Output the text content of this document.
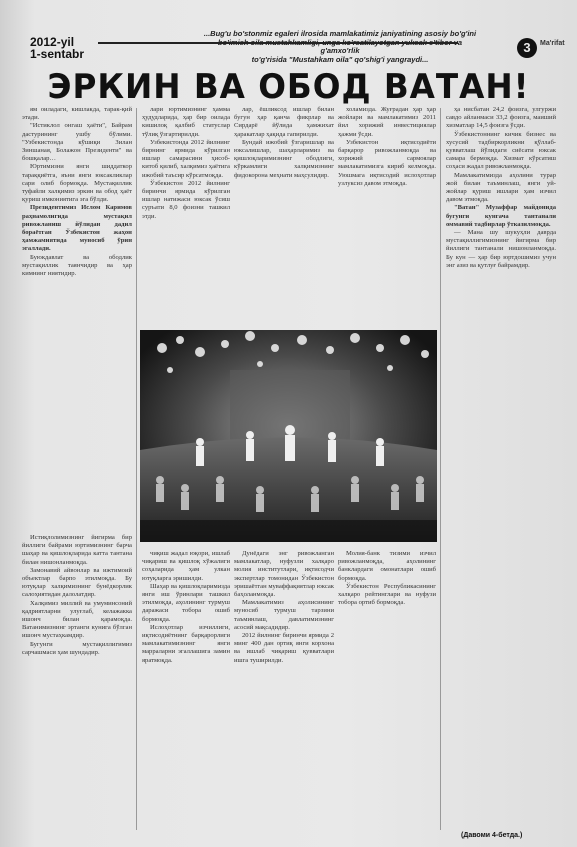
2012-yil
1-sentabr
...Bug'u bo'stonmiz egaleri ilrosida mamlakatimiz janiyatining asosiy bo'g'ini
bo'imish oila mustahkamligi, unga ko'rsatilayotgan yuksak e'tibor va g'amxo'rlik
to'g'risida "Mustahkam oila" qo'shig'i yangraydi...
3	Ma'rifat
ЭРКИН ВА ОБОД ВАТАН!

ям оиладаги, кишлакда, тарак-қий этади.

"Истиклол онгаш ҳаёти", Байрам дастурининг ушбу бўлими. "Узбекистонда кўшиқи Зилан Зиншаная, Болажон Президенти" ва бошқалар…

Юртимизни янги шиддаткор тараққиётга, яъни янги юксакликлар сари олиб бормоқда. Мустақиллик туфайли халқимиз эркин ва обод ҳаёт қуриш имкониятига эга бўлди.

Президентимиз Ислом Каримов раҳнамолигида мустақил ривожланиш йўлидан дадил бораётган Ўзбекистон жаҳон ҳамжамиятида муносиб ўрин эгаллади.

Буюкдавлат ва ободлик мустақиллик таянчидир ва ҳар кимнинг ниятидир.

Истиқлолимизнинг йигирма бир йиллиги байрами юртимизнинг барча шаҳар ва қишлоқларида катта тантана билан нишонланмоқда.

Замонавий айвонлар ва ижтимоий объектлар барпо этилмоқда. Бу ютуқлар халқимизнинг бунёдкорлик салоҳиятидан далолатдир.

Халқимиз миллий ва умуминсоний қадриятларни улуғлаб, келажакка ишонч билан қарамоқда. Ватанимизнинг эртанги кунига бўлган ишонч мустаҳкамдир.

Бугунги мустақиллигимиз сарчашмаси ҳам шундадир.

лари юртимизнинг ҳамма ҳудудларида, ҳар бир оилада кишилоқ қалбиб статуслар тўлиқ ўзгартирилди.

Узбекистонда 2012 йилнинг бирнинг ярмида кўрилган ишлар самарасини ҳисоб-китоб қилиб, халқимиз ҳаётига ижобий таъсир кўрсатмоқда.

Ўзбекистон 2012 йилнинг биринчи ярмида кўрилган ишлар натижаси юксак ўсиш суръати 8,0 фоизни ташкил этди.

лар, ёшликсод ишлар билан бугун ҳар қанча фикрлар ва Сирдарё йўлида ҳамжихат ҳаракатлар ҳақида гапирилди.

Бундай ижобий ўзгаришлар ва юксалишлар, шаҳарларимиз ва қишлоқларимизнинг ободлиги, кўркамлиги халқимизнинг фидокорона меҳнати маҳсулидир.

холамизда. Жуғрадан ҳар ҳар жойлари ва мамлакатимиз 2011 йил хорижий инвестициялар ҳажми ўсди.

Узбекистон иқтисодиёти барқарор ривожланмоқда ва хорижий сармоялар мамлакатимизга кириб келмоқда. Уюшмага иқтисодий ислоҳотлар узлуксиз давом этмоқда.

ҳа нисбатан 24,2 фоизга, улгуржи савдо айланмаси 33,2 фоизга, маиший хизматлар 14,5 фоизга ўсди.

Ўзбекистоннинг кичик бизнес ва хусусий тадбиркорликни қўллаб-қувватлаш йўлидаги сиёсати юксак самара бермоқда. Хизмат кўрсатиш соҳаси жадал ривожланмоқда.

Мамлакатимизда аҳолини турар жой билан таъминлаш, янги уй-жойлар қуриш ишлари ҳам изчил давом этмоқда.

"Ватан" Музаффар майдонида бугунги кунгача тантанали оммавий тадбирлар ўтказилмоқда.

— Мана шу шукуҳли даврда мустақиллигимизнинг йигирма бир йиллиги тантанали нишонланмоқда. Бу кун — ҳар бир юртдошимиз учун энг азиз ва қутлуғ байрамдир.

чиқиш жадал юқори, ишлаб чиқариш ва қишлоқ хўжалиги соҳаларида ҳам улкан ютуқларга эришилди.

Шаҳар ва қишлоқларимизда янги иш ўринлари ташкил этилмоқда, аҳолининг турмуш даражаси тобора ошиб бормоқда.

Ислоҳотлар изчиллиги, иқтисодиётнинг барқарорлиги мамлакатимизнинг янги марраларни эгаллашига замин яратмоқда.

Дунёдаги энг ривожланган мамлакатлар, нуфузли халқаро молия институтлари, иқтисодчи экспертлар томонидан Ўзбекистон эришаётган муваффақиятлар юксак баҳоланмоқда.

Мамлакатимиз аҳолисининг муносиб турмуш тарзини таъминлаш, давлатимизнинг асосий мақсадидир.

2012 йилнинг биринчи ярмида 2 минг 400 дан ортиқ янги корхона ва ишлаб чиқариш қувватлари ишга туширилди.

Молия-банк тизими изчил ривожланмоқда, аҳолининг банклардаги омонатлари ошиб бормоқда.

Ўзбекистон Республикасининг халқаро рейтинглари ва нуфузи тобора ортиб бормоқда.

(Давоми 4-бетда.)
